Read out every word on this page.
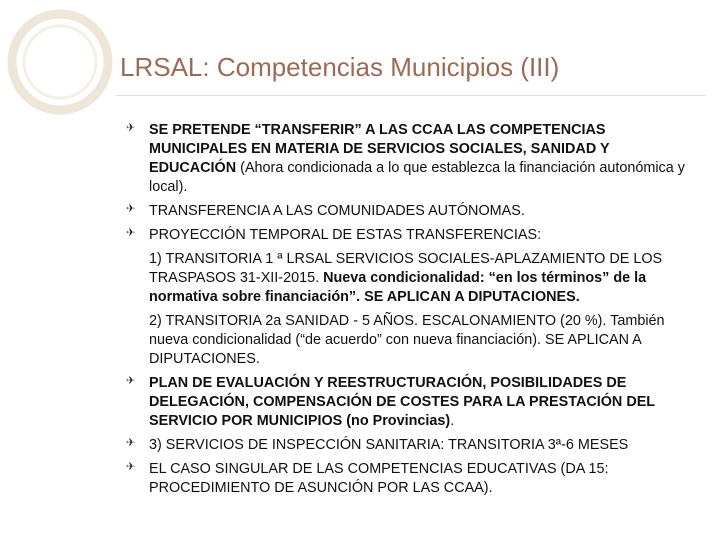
LRSAL: Competencias Municipios (III)
✈ SE PRETENDE “TRANSFERIR” A LAS CCAA LAS COMPETENCIAS MUNICIPALES EN MATERIA DE SERVICIOS SOCIALES, SANIDAD Y EDUCACIÓN (Ahora condicionada a lo que establezca la financiación autonómica y local).
✈ TRANSFERENCIA A LAS COMUNIDADES AUTÓNOMAS.
✈ PROYECCIÓN TEMPORAL DE ESTAS TRANSFERENCIAS:
1) TRANSITORIA 1 ª LRSAL SERVICIOS SOCIALES-APLAZAMIENTO DE LOS TRASPASOS 31-XII-2015. Nueva condicionalidad: “en los términos” de la normativa sobre financiación”. SE APLICAN A DIPUTACIONES.
2) TRANSITORIA 2a SANIDAD - 5 AÑOS. ESCALONAMIENTO (20 %). También nueva condicionalidad (“de acuerdo” con nueva financiación). SE APLICAN A DIPUTACIONES.
✈ PLAN DE EVALUACIÓN Y REESTRUCTURACIÓN, POSIBILIDADES DE DELEGACIÓN, COMPENSACIÓN DE COSTES PARA LA PRESTACIÓN DEL SERVICIO POR MUNICIPIOS (no Provincias).
✈ 3) SERVICIOS DE INSPECCIÓN SANITARIA: TRANSITORIA 3ª-6 MESES
✈ EL CASO SINGULAR DE LAS COMPETENCIAS EDUCATIVAS (DA 15: PROCEDIMIENTO DE ASUNCIÓN POR LAS CCAA).
